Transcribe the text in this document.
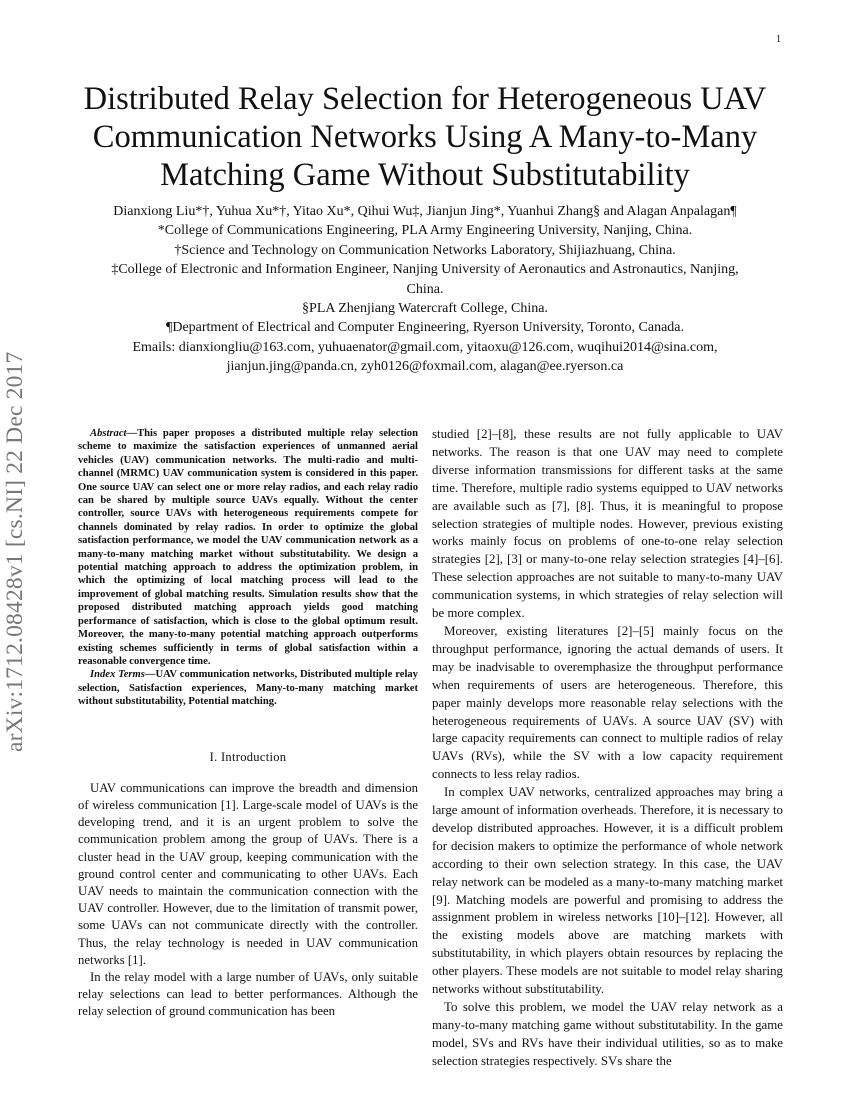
1
arXiv:1712.08428v1 [cs.NI] 22 Dec 2017
Distributed Relay Selection for Heterogeneous UAV
Communication Networks Using A Many-to-Many
Matching Game Without Substitutability
Dianxiong Liu*†, Yuhua Xu*†, Yitao Xu*, Qihui Wu‡, Jianjun Jing*, Yuanhui Zhang§ and Alagan Anpalagan¶
*College of Communications Engineering, PLA Army Engineering University, Nanjing, China.
†Science and Technology on Communication Networks Laboratory, Shijiazhuang, China.
‡College of Electronic and Information Engineer, Nanjing University of Aeronautics and Astronautics, Nanjing,
China.
§PLA Zhenjiang Watercraft College, China.
¶Department of Electrical and Computer Engineering, Ryerson University, Toronto, Canada.
Emails: dianxiongliu@163.com, yuhuaenator@gmail.com, yitaoxu@126.com, wuqihui2014@sina.com,
jianjun.jing@panda.cn, zyh0126@foxmail.com, alagan@ee.ryerson.ca

Abstract—This paper proposes a distributed multiple relay selection scheme to maximize the satisfaction experiences of unmanned aerial vehicles (UAV) communication networks. The multi-radio and multi-channel (MRMC) UAV communication system is considered in this paper. One source UAV can select one or more relay radios, and each relay radio can be shared by multiple source UAVs equally. Without the center controller, source UAVs with heterogeneous requirements compete for channels dominated by relay radios. In order to optimize the global satisfaction performance, we model the UAV communication network as a many-to-many matching market without substitutability. We design a potential matching approach to address the optimization problem, in which the optimizing of local matching process will lead to the improvement of global matching results. Simulation results show that the proposed distributed matching approach yields good matching performance of satisfaction, which is close to the global optimum result. Moreover, the many-to-many potential matching approach outperforms existing schemes sufficiently in terms of global satisfaction within a reasonable convergence time.

Index Terms—UAV communication networks, Distributed multiple relay selection, Satisfaction experiences, Many-to-many matching market without substitutability, Potential matching.

I. Introduction

UAV communications can improve the breadth and dimension of wireless communication [1]. Large-scale model of UAVs is the developing trend, and it is an urgent problem to solve the communication problem among the group of UAVs. There is a cluster head in the UAV group, keeping communication with the ground control center and communicating to other UAVs. Each UAV needs to maintain the communication connection with the UAV controller. However, due to the limitation of transmit power, some UAVs can not communicate directly with the controller. Thus, the relay technology is needed in UAV communication networks [1].

In the relay model with a large number of UAVs, only suitable relay selections can lead to better performances. Although the relay selection of ground communication has been

studied [2]–[8], these results are not fully applicable to UAV networks. The reason is that one UAV may need to complete diverse information transmissions for different tasks at the same time. Therefore, multiple radio systems equipped to UAV networks are available such as [7], [8]. Thus, it is meaningful to propose selection strategies of multiple nodes. However, previous existing works mainly focus on problems of one-to-one relay selection strategies [2], [3] or many-to-one relay selection strategies [4]–[6]. These selection approaches are not suitable to many-to-many UAV communication systems, in which strategies of relay selection will be more complex.

Moreover, existing literatures [2]–[5] mainly focus on the throughput performance, ignoring the actual demands of users. It may be inadvisable to overemphasize the throughput performance when requirements of users are heterogeneous. Therefore, this paper mainly develops more reasonable relay selections with the heterogeneous requirements of UAVs. A source UAV (SV) with large capacity requirements can connect to multiple radios of relay UAVs (RVs), while the SV with a low capacity requirement connects to less relay radios.

In complex UAV networks, centralized approaches may bring a large amount of information overheads. Therefore, it is necessary to develop distributed approaches. However, it is a difficult problem for decision makers to optimize the performance of whole network according to their own selection strategy. In this case, the UAV relay network can be modeled as a many-to-many matching market [9]. Matching models are powerful and promising to address the assignment problem in wireless networks [10]–[12]. However, all the existing models above are matching markets with substitutability, in which players obtain resources by replacing the other players. These models are not suitable to model relay sharing networks without substitutability.

To solve this problem, we model the UAV relay network as a many-to-many matching game without substitutability. In the game model, SVs and RVs have their individual utilities, so as to make selection strategies respectively. SVs share the
